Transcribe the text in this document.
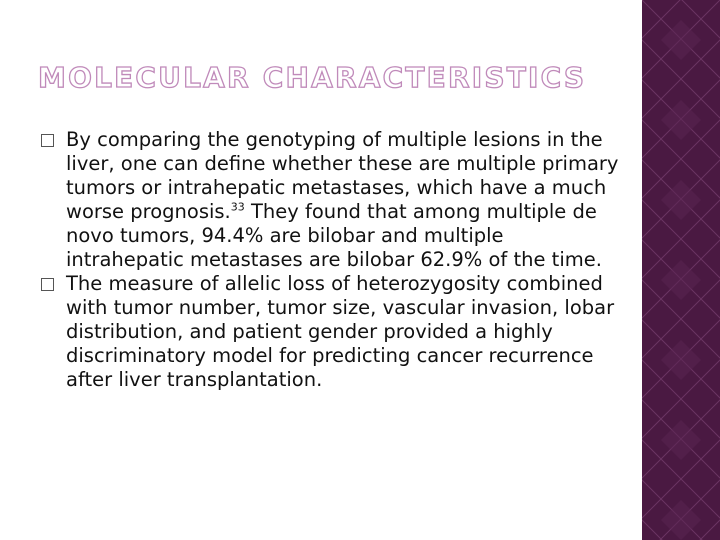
MOLECULAR CHARACTERISTICS
By comparing the genotyping of multiple lesions in the liver, one can define whether these are multiple primary tumors or intrahepatic metastases, which have a much worse prognosis.$^{33}$ They found that among multiple de novo tumors, 94.4% are bilobar and multiple intrahepatic metastases are bilobar 62.9% of the time.
The measure of allelic loss of heterozygosity combined with tumor number, tumor size, vascular invasion, lobar distribution, and patient gender provided a highly discriminatory model for predicting cancer recurrence after liver transplantation.
